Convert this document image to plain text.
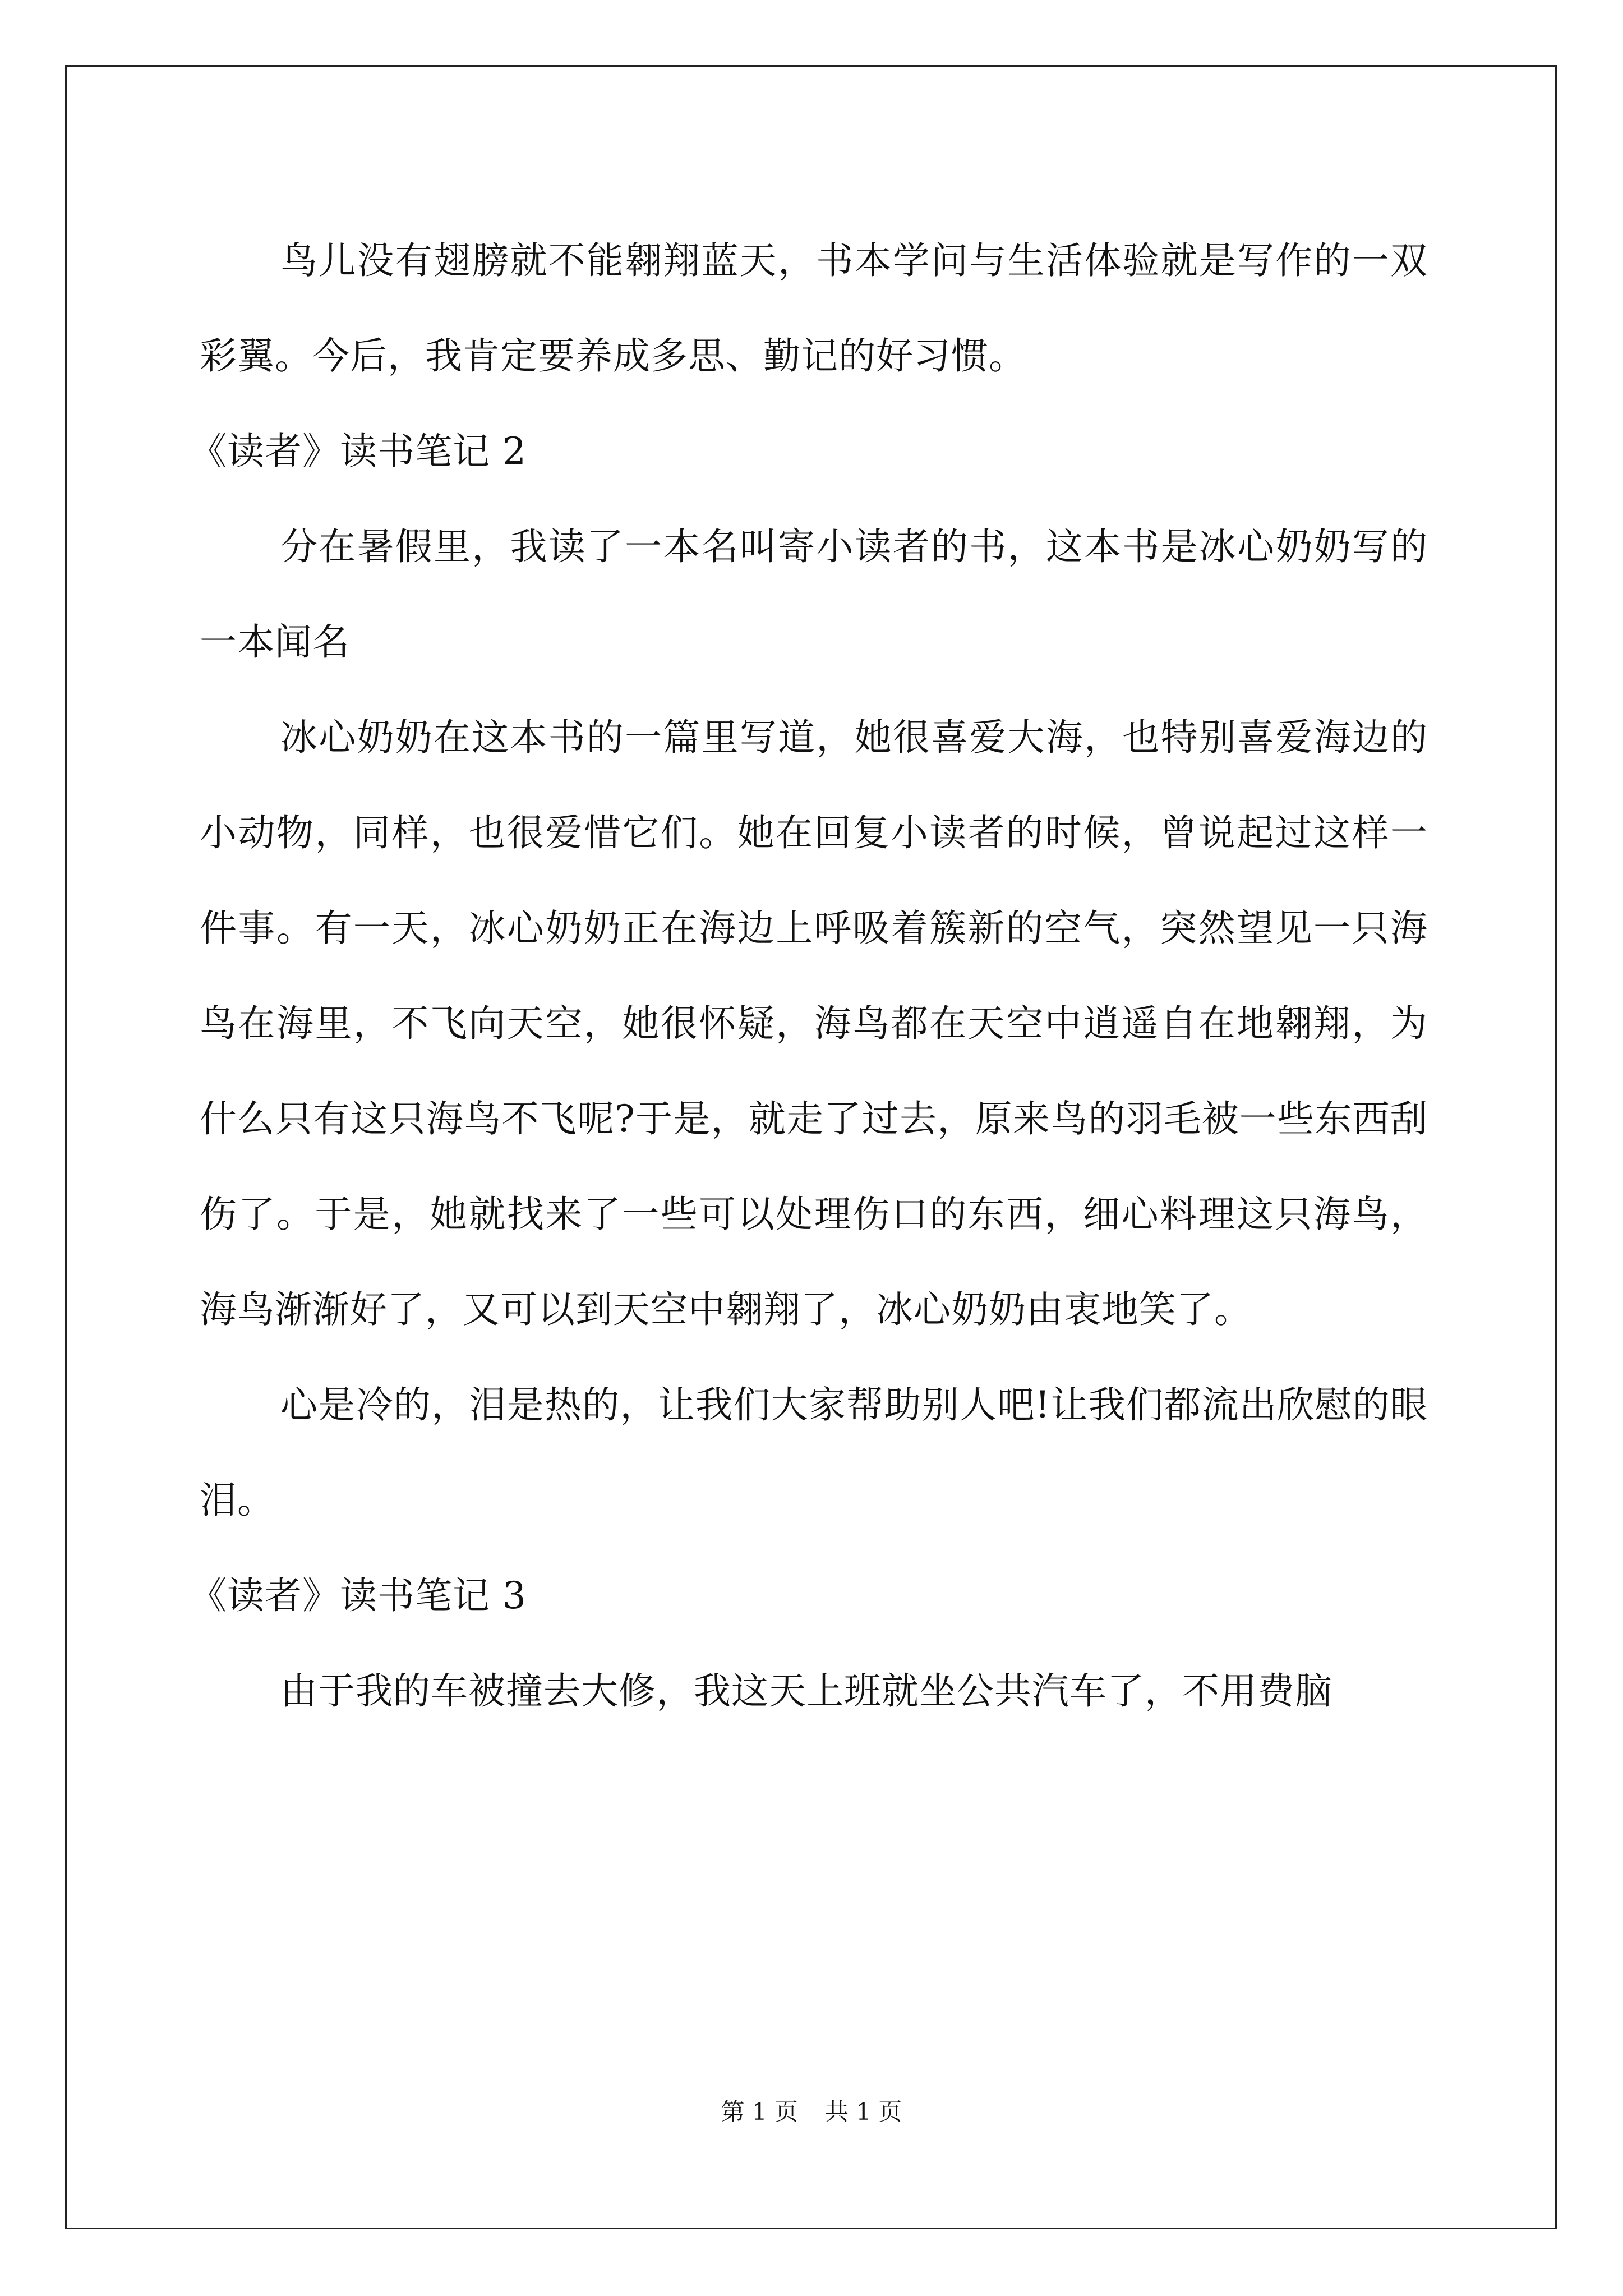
鸟儿没有翅膀就不能翱翔蓝天，书本学问与生活体验就是写作的一双彩翼。今后，我肯定要养成多思、勤记的好习惯。

《读者》读书笔记 2

分在暑假里，我读了一本名叫寄小读者的书，这本书是冰心奶奶写的一本闻名

冰心奶奶在这本书的一篇里写道，她很喜爱大海，也特别喜爱海边的小动物，同样，也很爱惜它们。她在回复小读者的时候，曾说起过这样一件事。有一天，冰心奶奶正在海边上呼吸着簇新的空气，突然望见一只海鸟在海里，不飞向天空，她很怀疑，海鸟都在天空中逍遥自在地翱翔，为什么只有这只海鸟不飞呢?于是，就走了过去，原来鸟的羽毛被一些东西刮伤了。于是，她就找来了一些可以处理伤口的东西，细心料理这只海鸟，海鸟渐渐好了，又可以到天空中翱翔了，冰心奶奶由衷地笑了。

心是冷的，泪是热的，让我们大家帮助别人吧!让我们都流出欣慰的眼泪。

《读者》读书笔记 3

由于我的车被撞去大修，我这天上班就坐公共汽车了，不用费脑

第 1 页 共 1 页
